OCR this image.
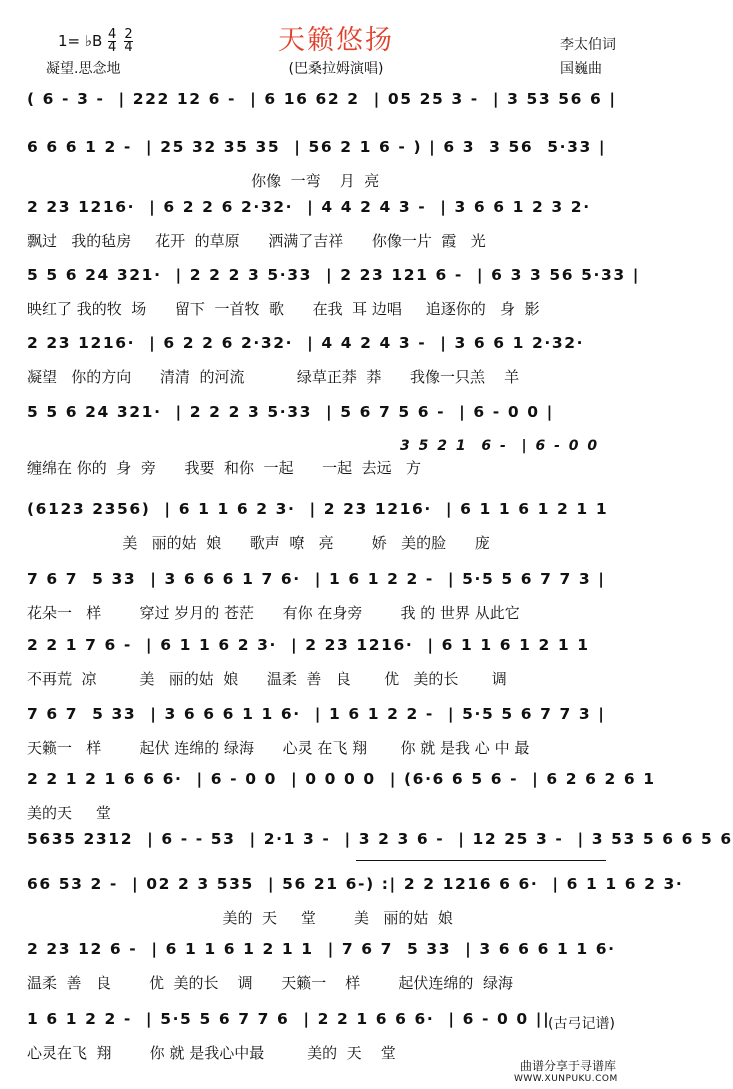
天籁悠扬
(巴桑拉姆演唱)
1= ♭B $\frac{4}{4}$
$\frac{2}{4}$
凝望.思念地
李太伯词
国巍曲
( 6 - 3 -  | 222 12 6 -  | 6 16 62 2  | 05 25 3 -  | 3 53 56 6 |
6 6 6 1 2 -  | 25 32 35 35  | 56 2 1 6 - ) | 6 3  3 56  5·33 |
你像  一弯    月  亮
2 23 1216·  | 6 2 2 6 2·32·  | 4 4 2 4 3 -  | 3 6 6 1 2 3 2·
飘过   我的毡房     花开  的草原      洒满了吉祥      你像一片  霞   光
5 5 6 24 321·  | 2 2 2 3 5·33  | 2 23 121 6 -  | 6 3 3 56 5·33 |
映红了 我的牧  场      留下  一首牧  歌      在我  耳 边唱     追逐你的   身  影
2 23 1216·  | 6 2 2 6 2·32·  | 4 4 2 4 3 -  | 3 6 6 1 2·32·
凝望   你的方向      清清  的河流           绿草正莽  莽      我像一只羔    羊
5 5 6 24 321·  | 2 2 2 3 5·33  | 5 6 7 5 6 -  | 6 - 0 0 |
缠绵在 你的  身  旁      我要  和你  一起      一起  去远   方
3 5 2 1  6 -  | 6 - 0 0
(6123 2356)  | 6 1 1 6 2 3·  | 2 23 1216·  | 6 1 1 6 1 2 1 1
美   丽的姑  娘      歌声  嘹   亮        娇   美的脸      庞
7 6 7  5 33  | 3 6 6 6 1 7 6·  | 1 6 1 2 2 -  | 5·5 5 6 7 7 3 |
花朵一   样        穿过 岁月的 苍茫      有你 在身旁        我 的 世界 从此它
2 2 1 7 6 -  | 6 1 1 6 2 3·  | 2 23 1216·  | 6 1 1 6 1 2 1 1
不再荒  凉         美   丽的姑  娘      温柔  善   良       优   美的长       调
7 6 7  5 33  | 3 6 6 6 1 1 6·  | 1 6 1 2 2 -  | 5·5 5 6 7 7 3 |
天籁一   样        起伏 连绵的 绿海      心灵 在飞 翔       你 就 是我 心 中 最
2 2 1 2 1 6 6 6·  | 6 - 0 0  | 0 0 0 0  | (6·6 6 5 6 -  | 6 2 6 2 6 1
美的天     堂
5635 2312  | 6 - - 53  | 2·1 3 -  | 3 2 3 6 -  | 12 25 3 -  | 3 53 5 6 6 5 6
66 53 2 -  | 02 2 3 535  | 56 21 6-) :| 2 2 1216 6 6·  | 6 1 1 6 2 3·
美的  天     堂        美   丽的姑  娘
2 23 12 6 -  | 6 1 1 6 1 2 1 1  | 7 6 7  5 33  | 3 6 6 6 1 1 6·
温柔  善   良        优  美的长    调      天籁一    样        起伏连绵的  绿海
1 6 1 2 2 -  | 5·5 5 6 7 7 6  | 2 2 1 6 6 6·  | 6 - 0 0 ||
心灵在飞  翔        你 就 是我心中最         美的  天    堂
(古弓记谱)
曲谱分享于寻谱库
WWW.XUNPUKU.COM
